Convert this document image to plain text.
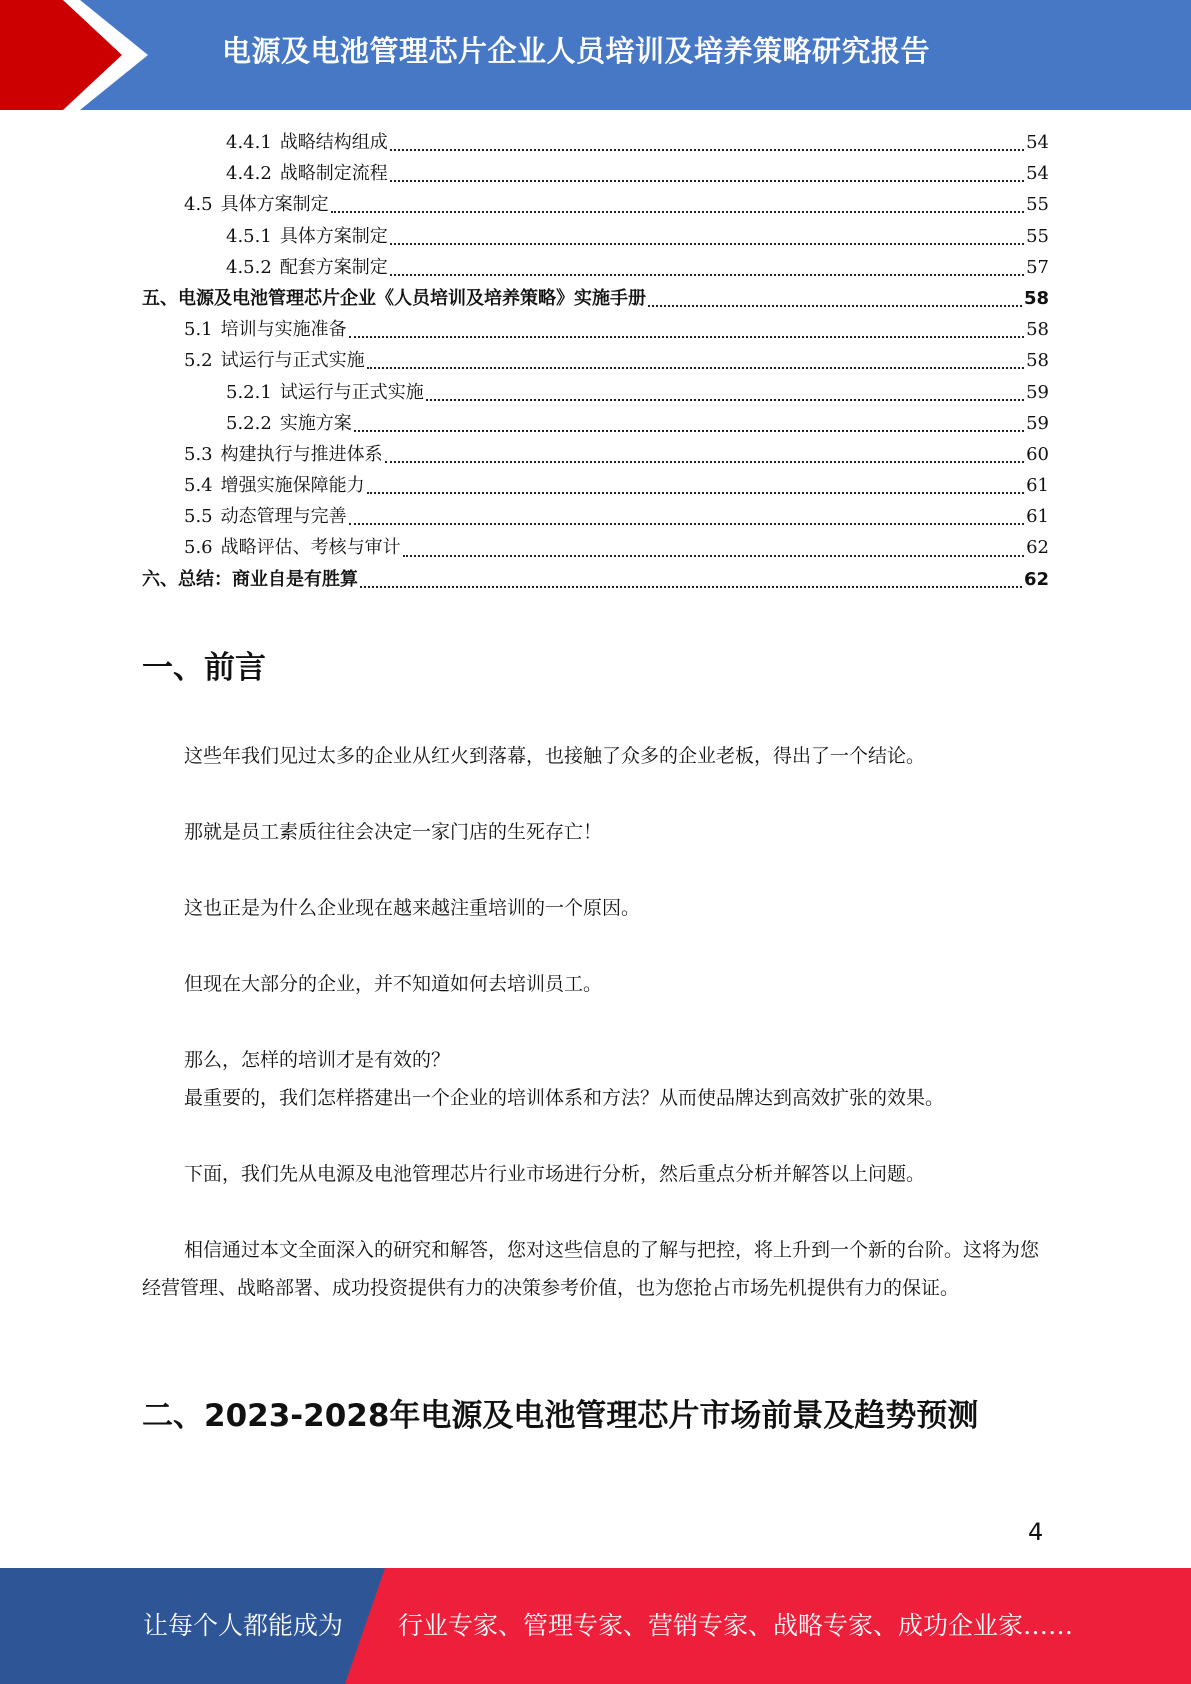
电源及电池管理芯片企业人员培训及培养策略研究报告
4.4.1 战略结构组成	54
4.4.2 战略制定流程	54
4.5 具体方案制定	55
4.5.1 具体方案制定	55
4.5.2 配套方案制定	57
五、 电源及电池管理芯片企业《人员培训及培养策略》实施手册	58
5.1 培训与实施准备	58
5.2 试运行与正式实施	58
5.2.1 试运行与正式实施	59
5.2.2 实施方案	59
5.3 构建执行与推进体系	60
5.4 增强实施保障能力	61
5.5 动态管理与完善	61
5.6 战略评估、考核与审计	62
六、 总结：商业自是有胜算	62
一、前言
这些年我们见过太多的企业从红火到落幕，也接触了众多的企业老板，得出了一个结论。
那就是员工素质往往会决定一家门店的生死存亡！
这也正是为什么企业现在越来越注重培训的一个原因。
但现在大部分的企业，并不知道如何去培训员工。
那么，怎样的培训才是有效的？
最重要的，我们怎样搭建出一个企业的培训体系和方法？从而使品牌达到高效扩张的效果。
下面，我们先从电源及电池管理芯片行业市场进行分析，然后重点分析并解答以上问题。
相信通过本文全面深入的研究和解答，您对这些信息的了解与把控，将上升到一个新的台阶。这将为您经营管理、战略部署、成功投资提供有力的决策参考价值，也为您抢占市场先机提供有力的保证。
二、2023-2028年电源及电池管理芯片市场前景及趋势预测
4
让每个人都能成为 行业专家、管理专家、营销专家、战略专家、成功企业家……
